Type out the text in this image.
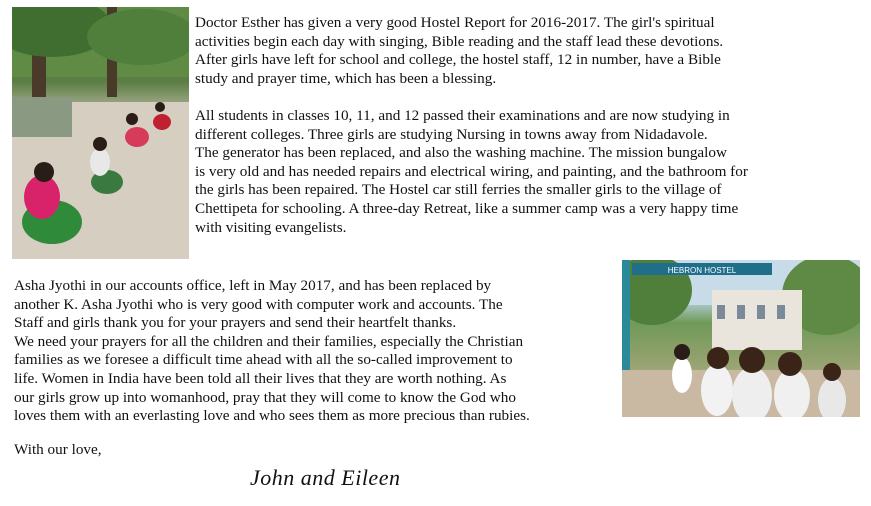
Doctor Esther has given a very good Hostel Report for 2016-2017. The girl's spiritual
activities begin each day with singing, Bible reading and the staff lead these devotions.
After girls have left for school and college, the hostel staff, 12 in number, have a Bible
study and prayer time, which has been a blessing.
All students in classes 10, 11, and 12 passed their examinations and are now studying in
different colleges. Three girls are studying Nursing in towns away from Nidadavole.
The generator has been replaced, and also the washing machine. The mission bungalow
is very old and has needed repairs and electrical wiring, and painting, and the bathroom for
the girls has been repaired. The Hostel car still ferries the smaller girls to the village of
Chettipeta for schooling. A three-day Retreat, like a summer camp was a very happy time
with visiting evangelists.
Asha Jyothi in our accounts office, left in May 2017, and has been replaced by
another K. Asha Jyothi who is very good with computer work and accounts. The
Staff and girls thank you for your prayers and send their heartfelt thanks.
We need your prayers for all the children and their families, especially the Christian
families as we foresee a difficult time ahead with all the so-called improvement to
life. Women in India have been told all their lives that they are worth nothing. As
our girls grow up into womanhood, pray that they will come to know the God who
loves them with an everlasting love and who sees them as more precious than rubies.
HEBRON HOSTEL

With our love,

John and Eileen
